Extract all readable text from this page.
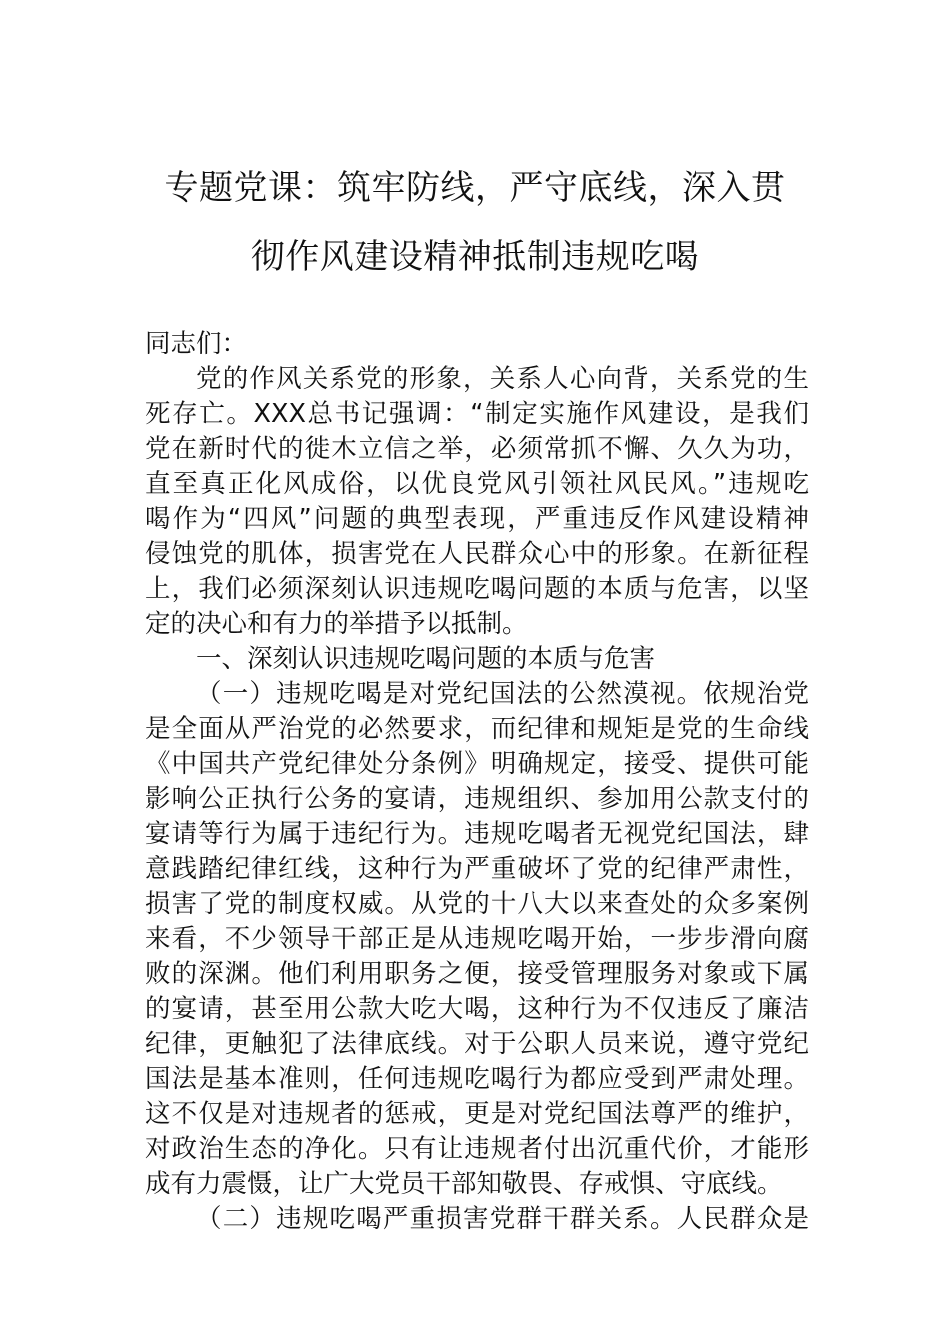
专题党课：筑牢防线，严守底线，深入贯
彻作风建设精神抵制违规吃喝

同志们：

党的作风关系党的形象，关系人心向背，关系党的生
死存亡。XXX总书记强调：“制定实施作风建设，是我们
党在新时代的徙木立信之举，必须常抓不懈、久久为功，
直至真正化风成俗，以优良党风引领社风民风。”违规吃
喝作为“四风”问题的典型表现，严重违反作风建设精神
侵蚀党的肌体，损害党在人民群众心中的形象。在新征程
上，我们必须深刻认识违规吃喝问题的本质与危害，以坚
定的决心和有力的举措予以抵制。
一、深刻认识违规吃喝问题的本质与危害
（一）违规吃喝是对党纪国法的公然漠视。依规治党
是全面从严治党的必然要求，而纪律和规矩是党的生命线
《中国共产党纪律处分条例》明确规定，接受、提供可能
影响公正执行公务的宴请，违规组织、参加用公款支付的
宴请等行为属于违纪行为。违规吃喝者无视党纪国法，肆
意践踏纪律红线，这种行为严重破坏了党的纪律严肃性，
损害了党的制度权威。从党的十八大以来查处的众多案例
来看，不少领导干部正是从违规吃喝开始，一步步滑向腐
败的深渊。他们利用职务之便，接受管理服务对象或下属
的宴请，甚至用公款大吃大喝，这种行为不仅违反了廉洁
纪律，更触犯了法律底线。对于公职人员来说，遵守党纪
国法是基本准则，任何违规吃喝行为都应受到严肃处理。
这不仅是对违规者的惩戒，更是对党纪国法尊严的维护，
对政治生态的净化。只有让违规者付出沉重代价，才能形
成有力震慑，让广大党员干部知敬畏、存戒惧、守底线。
（二）违规吃喝严重损害党群干群关系。人民群众是
